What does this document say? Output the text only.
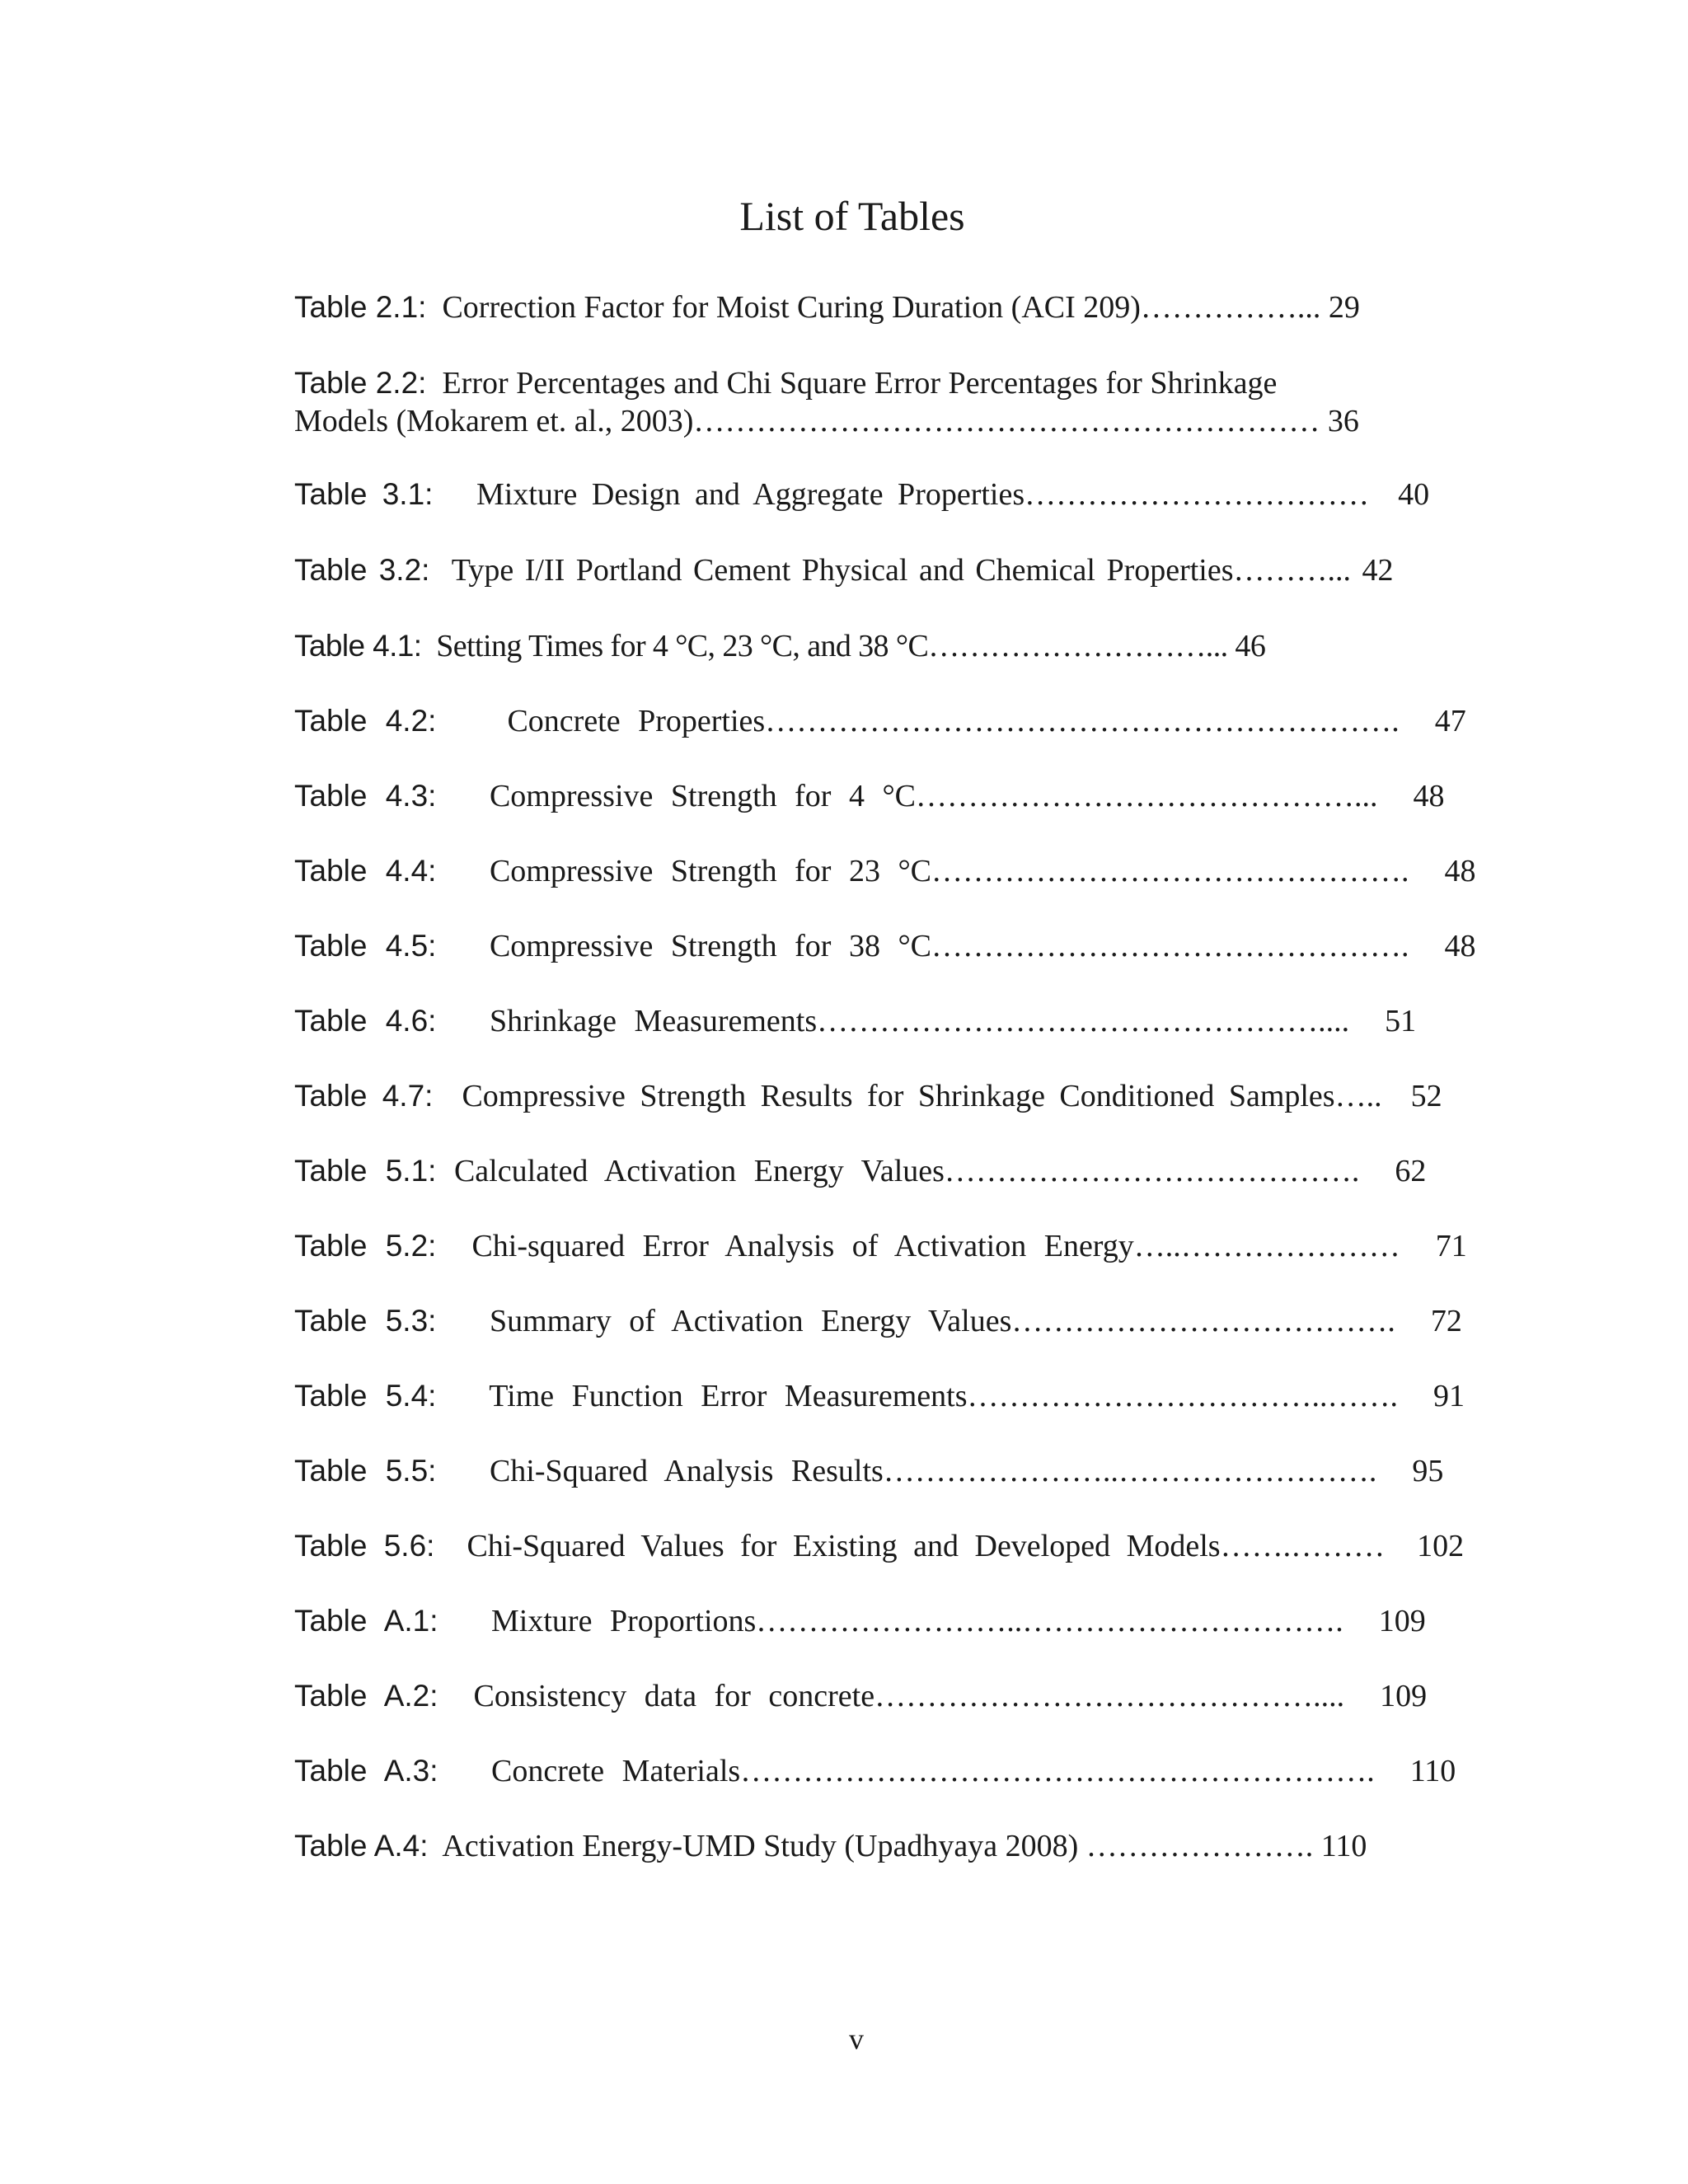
List of Tables
Table 2.1: Correction Factor for Moist Curing Duration (ACI 209)……………... 29
Table 2.2: Error Percentages and Chi Square Error Percentages for Shrinkage
Models (Mokarem et. al., 2003)…………………………………………………… 36
Table 3.1: Mixture Design and Aggregate Properties…………………………… 40
Table 3.2: Type I/II Portland Cement Physical and Chemical Properties………... 42
Table 4.1: Setting Times for 4 °C, 23 °C, and 38 °C………………………... 46
Table 4.2: Concrete Properties……………………………………………………. 47
Table 4.3: Compressive Strength for 4 °C……………………………………... 48
Table 4.4: Compressive Strength for 23 °C………………………………………. 48
Table 4.5: Compressive Strength for 38 °C………………………………………. 48
Table 4.6: Shrinkage Measurements………………………………………….... 51
Table 4.7: Compressive Strength Results for Shrinkage Conditioned Samples….. 52
Table 5.1: Calculated Activation Energy Values…………………………………. 62
Table 5.2: Chi-squared Error Analysis of Activation Energy…..………………… 71
Table 5.3: Summary of Activation Energy Values………………………………. 72
Table 5.4: Time Function Error Measurements……………………………..……. 91
Table 5.5: Chi-Squared Analysis Results…………………..……………………. 95
Table 5.6: Chi-Squared Values for Existing and Developed Models…….……… 102
Table A.1: Mixture Proportions……………………..…………………………. 109
Table A.2: Consistency data for concrete…………………………………….... 109
Table A.3: Concrete Materials……………………………………………………. 110
Table A.4: Activation Energy-UMD Study (Upadhyaya 2008) …………………. 110
v
